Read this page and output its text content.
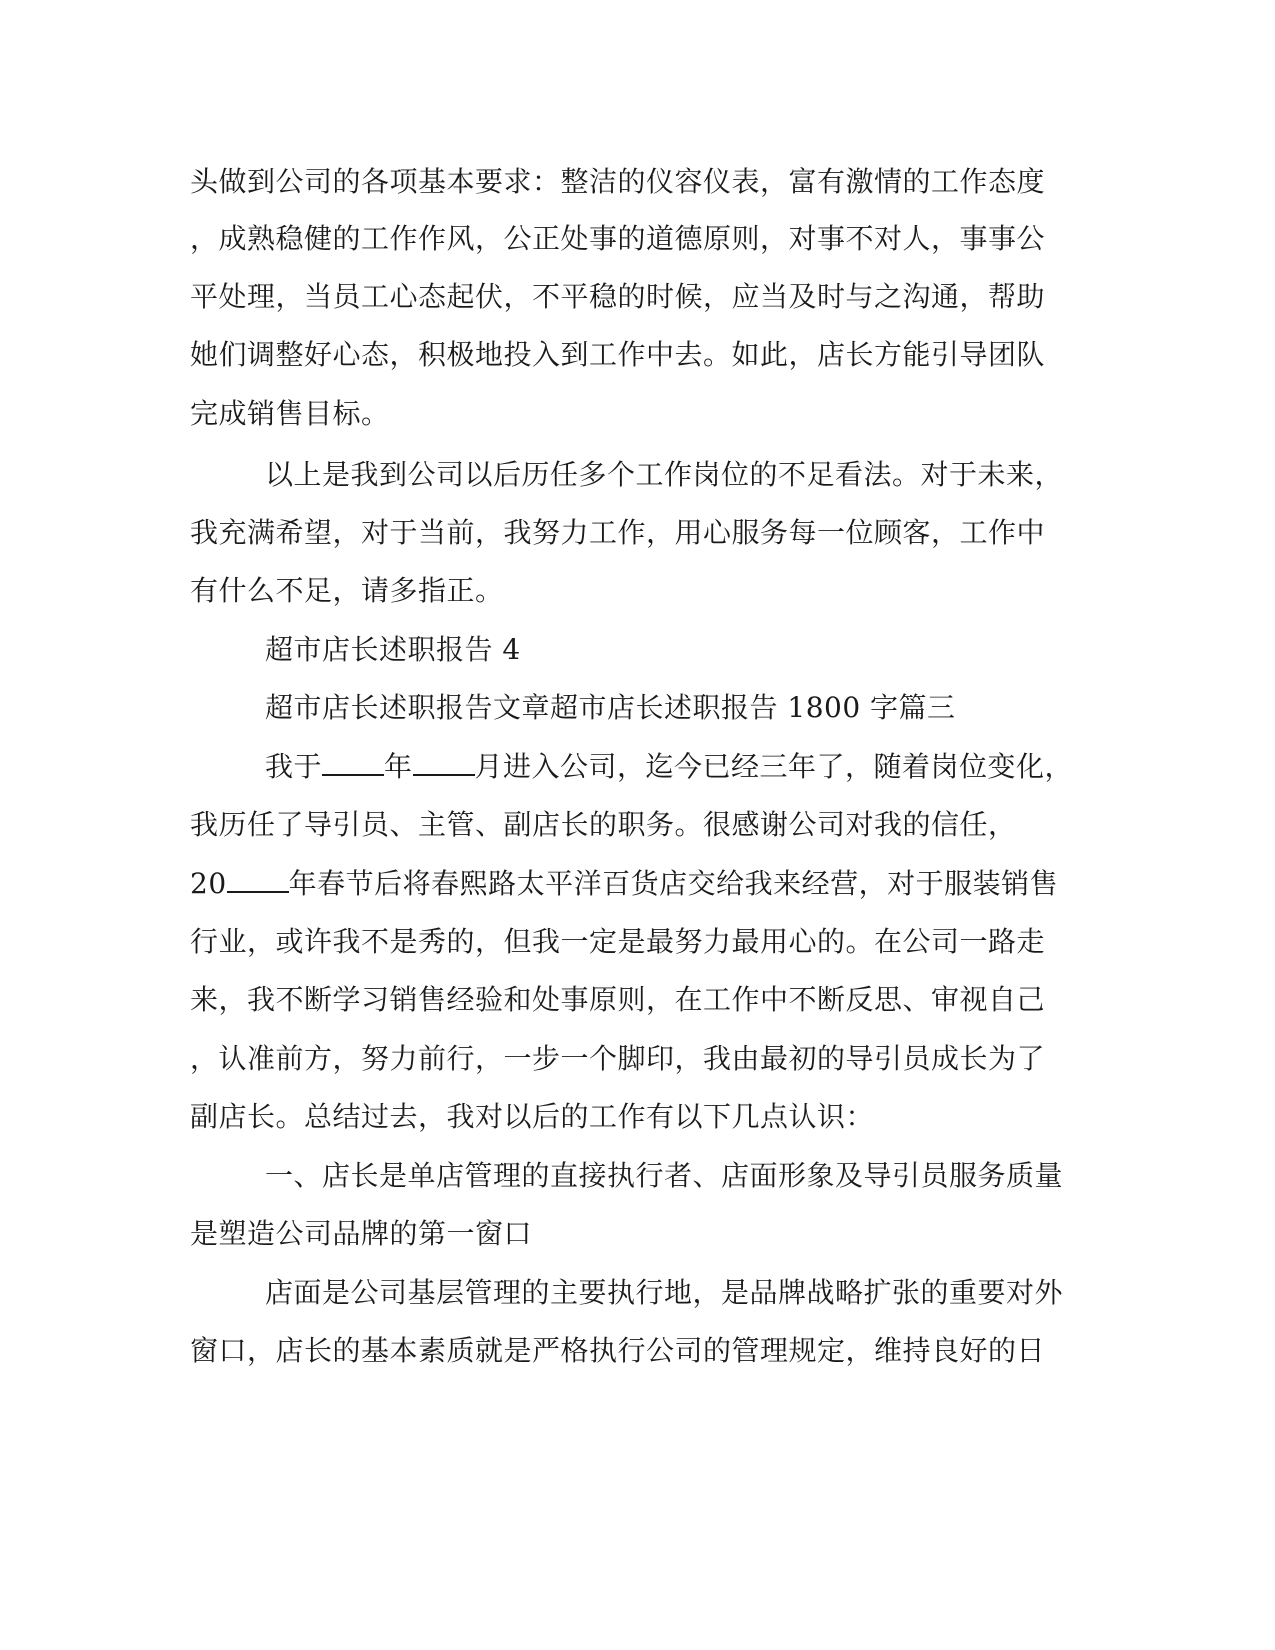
头做到公司的各项基本要求：整洁的仪容仪表，富有激情的工作态度
，成熟稳健的工作作风，公正处事的道德原则，对事不对人，事事公
平处理，当员工心态起伏，不平稳的时候，应当及时与之沟通，帮助
她们调整好心态，积极地投入到工作中去。如此，店长方能引导团队
完成销售目标。
以上是我到公司以后历任多个工作岗位的不足看法。对于未来，
我充满希望，对于当前，我努力工作，用心服务每一位顾客，工作中
有什么不足，请多指正。
超市店长述职报告 4
超市店长述职报告文章超市店长述职报告 1800 字篇三
我于 年 月进入公司，迄今已经三年了，随着岗位变化，
我历任了导引员、主管、副店长的职务。很感谢公司对我的信任，
20 年春节后将春熙路太平洋百货店交给我来经营，对于服装销售
行业，或许我不是秀的，但我一定是最努力最用心的。在公司一路走
来，我不断学习销售经验和处事原则，在工作中不断反思、审视自己
，认准前方，努力前行，一步一个脚印，我由最初的导引员成长为了
副店长。总结过去，我对以后的工作有以下几点认识：
一、店长是单店管理的直接执行者、店面形象及导引员服务质量
是塑造公司品牌的第一窗口
店面是公司基层管理的主要执行地，是品牌战略扩张的重要对外
窗口，店长的基本素质就是严格执行公司的管理规定，维持良好的日
